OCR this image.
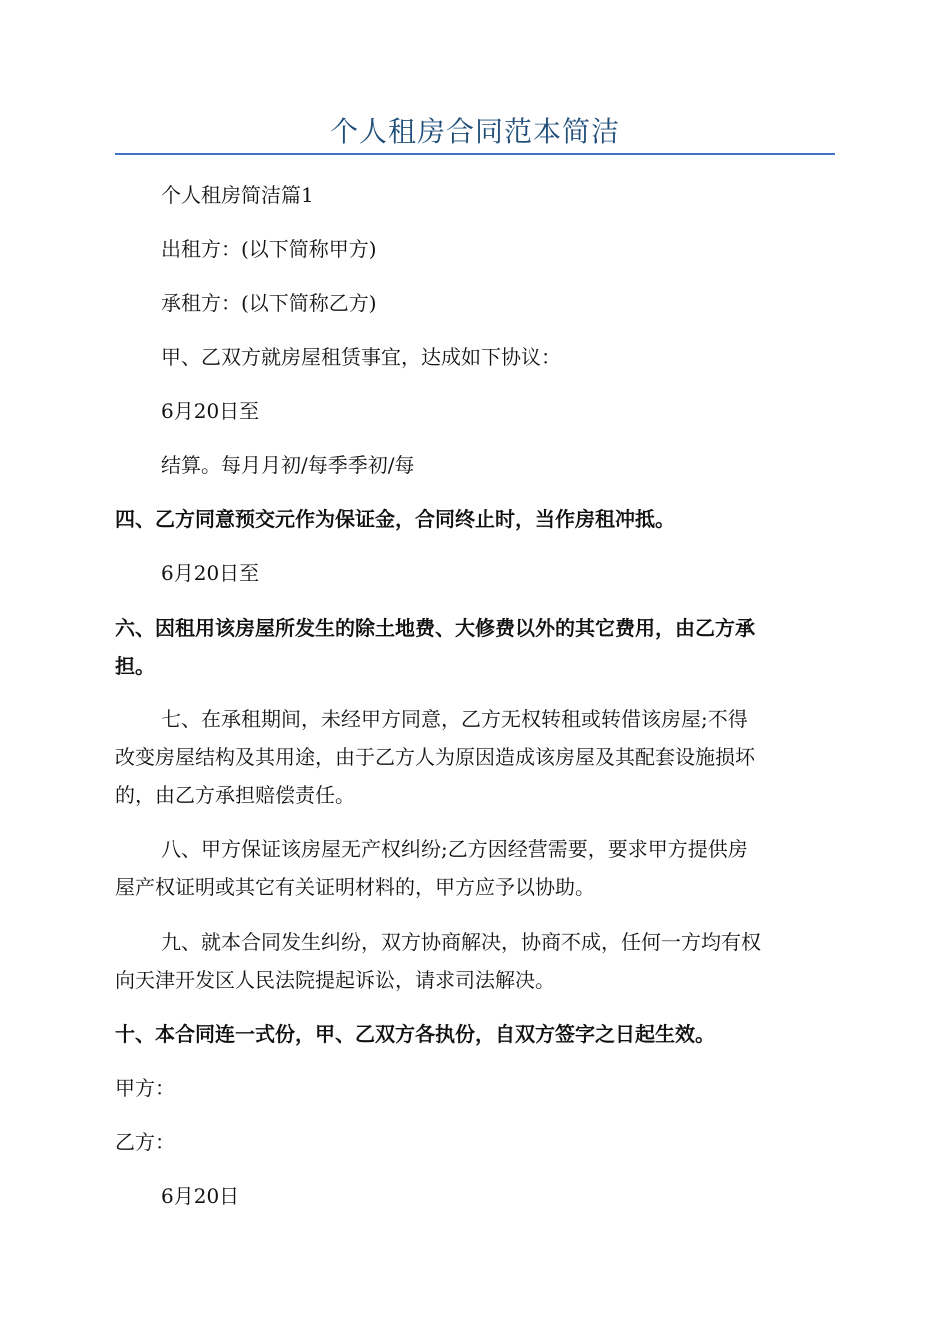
个人租房合同范本简洁

个人租房简洁篇1

出租方：(以下简称甲方)

承租方：(以下简称乙方)

甲、乙双方就房屋租赁事宜，达成如下协议：

6月20日至

结算。每月月初/每季季初/每

四、乙方同意预交元作为保证金，合同终止时，当作房租冲抵。

6月20日至

六、因租用该房屋所发生的除土地费、大修费以外的其它费用，由乙方承
担。

七、在承租期间，未经甲方同意，乙方无权转租或转借该房屋;不得
改变房屋结构及其用途，由于乙方人为原因造成该房屋及其配套设施损坏
的，由乙方承担赔偿责任。

八、甲方保证该房屋无产权纠纷;乙方因经营需要，要求甲方提供房
屋产权证明或其它有关证明材料的，甲方应予以协助。

九、就本合同发生纠纷，双方协商解决，协商不成，任何一方均有权
向天津开发区人民法院提起诉讼，请求司法解决。

十、本合同连一式份，甲、乙双方各执份，自双方签字之日起生效。

甲方：

乙方：

6月20日
